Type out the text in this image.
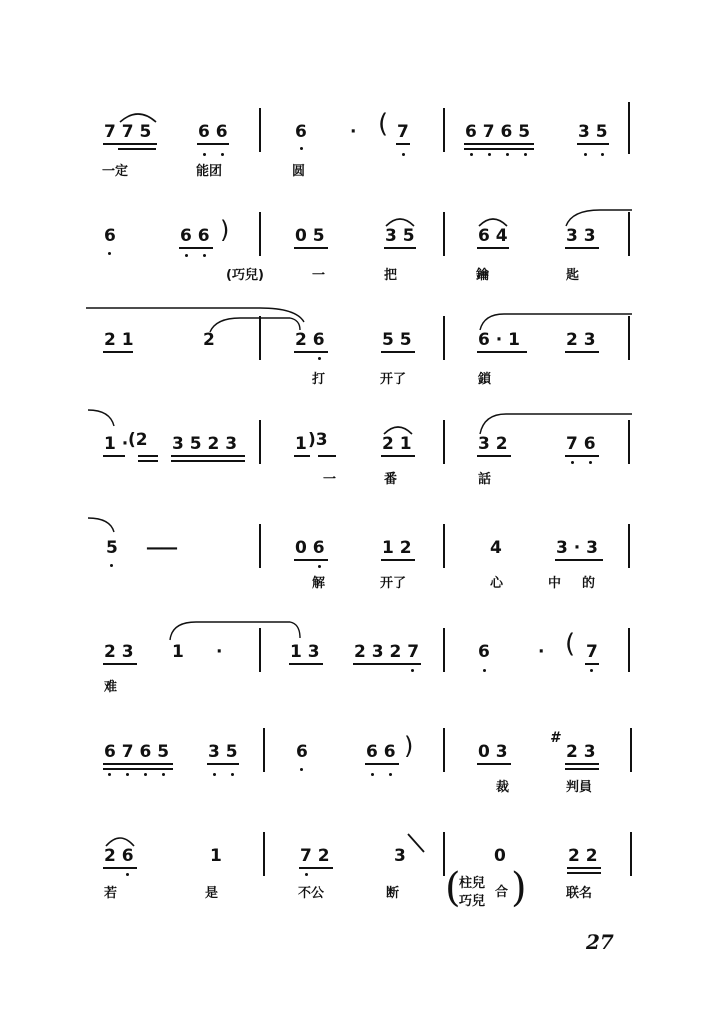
7 7 5	6 6	6	· ( 7	6 7 6 5	3 5
一定	能团	圆
6	6 6 )	0 5	3 5	6 4	3 3
(巧兒)	一	把	鑰	匙
2 1	2	2 6	5 5	6 · 1	2 3
打	开了	鎖
1 · (2 3 5 2 3	1 )3	2 1	3 2	7 6
一	番	話
5 ——	0 6	1 2	4	3 · 3
解	开了	心	中 的
2 3 1 ·	1 3 2 3 2 7	6	· ( 7
难
6 7 6 5 3 5	6	6 6 )	0 3
#
2 3
裁	判員
2 6	1	7 2	3	0	2 2
若	是	不公	断 (
柱兒
巧兒
合 )	联名
27
